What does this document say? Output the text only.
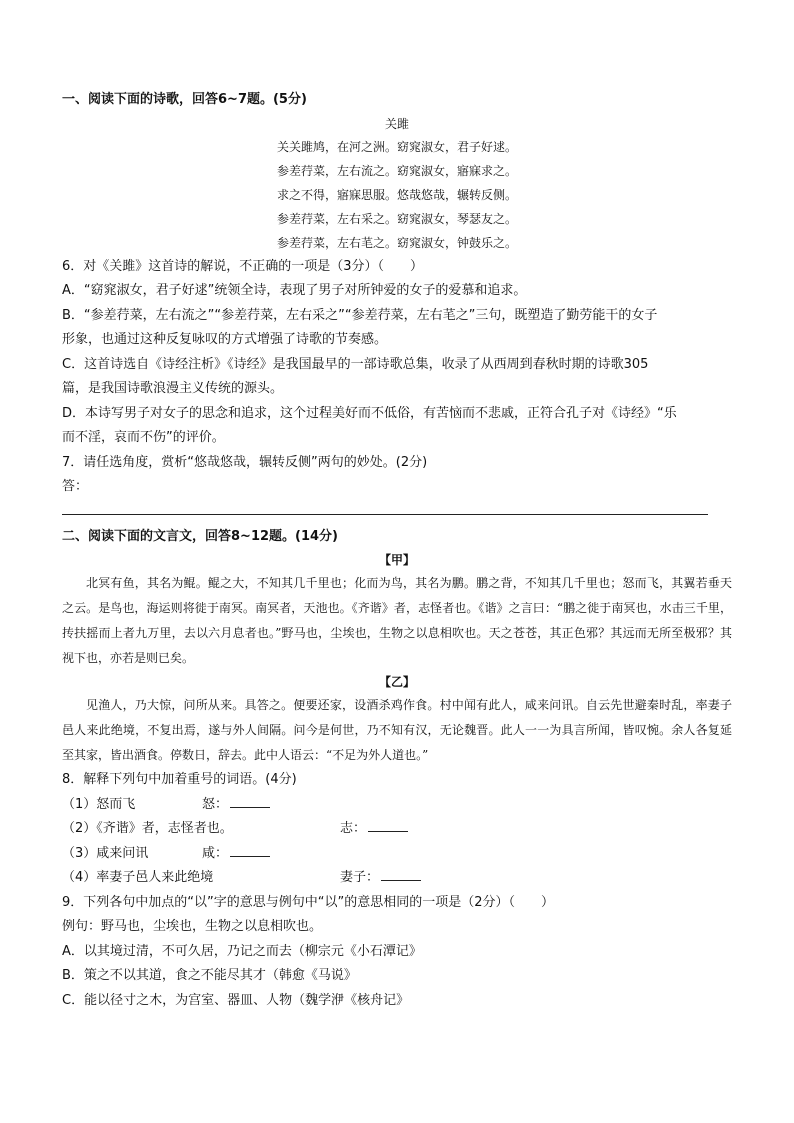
一、阅读下面的诗歌，回答6~7题。(5分)
关雎
关关雎鸠，在河之洲。窈窕淑女，君子好逑。
参差荇菜，左右流之。窈窕淑女，寤寐求之。
求之不得，寤寐思服。悠哉悠哉，辗转反侧。
参差荇菜，左右采之。窈窕淑女，琴瑟友之。
参差荇菜，左右芼之。窈窕淑女，钟鼓乐之。
6．对《关雎》这首诗的解说，不正确的一项是（3分）（　　）
A．“窈窕淑女，君子好逑”统领全诗，表现了男子对所钟爱的女子的爱慕和追求。
B．“参差荇菜，左右流之”“参差荇菜，左右采之”“参差荇菜，左右芼之”三句，既塑造了勤劳能干的女子
形象，也通过这种反复咏叹的方式增强了诗歌的节奏感。
C．这首诗选自《诗经注析》《诗经》是我国最早的一部诗歌总集，收录了从西周到春秋时期的诗歌305
篇，是我国诗歌浪漫主义传统的源头。
D．本诗写男子对女子的思念和追求，这个过程美好而不低俗，有苦恼而不悲戚，正符合孔子对《诗经》“乐
而不淫，哀而不伤”的评价。
7．请任选角度，赏析“悠哉悠哉，辗转反侧”两句的妙处。(2分)
答：
二、阅读下面的文言文，回答8~12题。(14分)
【甲】

北冥有鱼，其名为鲲。鲲之大，不知其几千里也；化而为鸟，其名为鹏。鹏之背，不知其几千里也；怒而飞，其翼若垂天之云。是鸟也，海运则将徙于南冥。南冥者，天池也。《齐谐》者，志怪者也。《谐》之言曰：“鹏之徙于南冥也，水击三千里，抟扶摇而上者九万里，去以六月息者也。”野马也，尘埃也，生物之以息相吹也。天之苍苍，其正色邪？其远而无所至极邪？其视下也，亦若是则已矣。

【乙】

见渔人，乃大惊，问所从来。具答之。便要还家，设酒杀鸡作食。村中闻有此人，咸来问讯。自云先世避秦时乱，率妻子邑人来此绝境，不复出焉，遂与外人间隔。问今是何世，乃不知有汉，无论魏晋。此人一一为具言所闻，皆叹惋。余人各复延至其家，皆出酒食。停数日，辞去。此中人语云：“不足为外人道也。”

8．解释下列句中加着重号的词语。(4分)
（1）怒而飞	怒：
（2）《齐谐》者，志怪者也。	志：
（3）咸来问讯	咸：
（4）率妻子邑人来此绝境	妻子：
9．下列各句中加点的“以”字的意思与例句中“以”的意思相同的一项是（2分）（　　）
例句：野马也，尘埃也，生物之以息相吹也。
A．以其境过清，不可久居，乃记之而去（柳宗元《小石潭记》
B．策之不以其道，食之不能尽其才（韩愈《马说》
C．能以径寸之木，为宫室、器皿、人物（魏学洢《核舟记》
